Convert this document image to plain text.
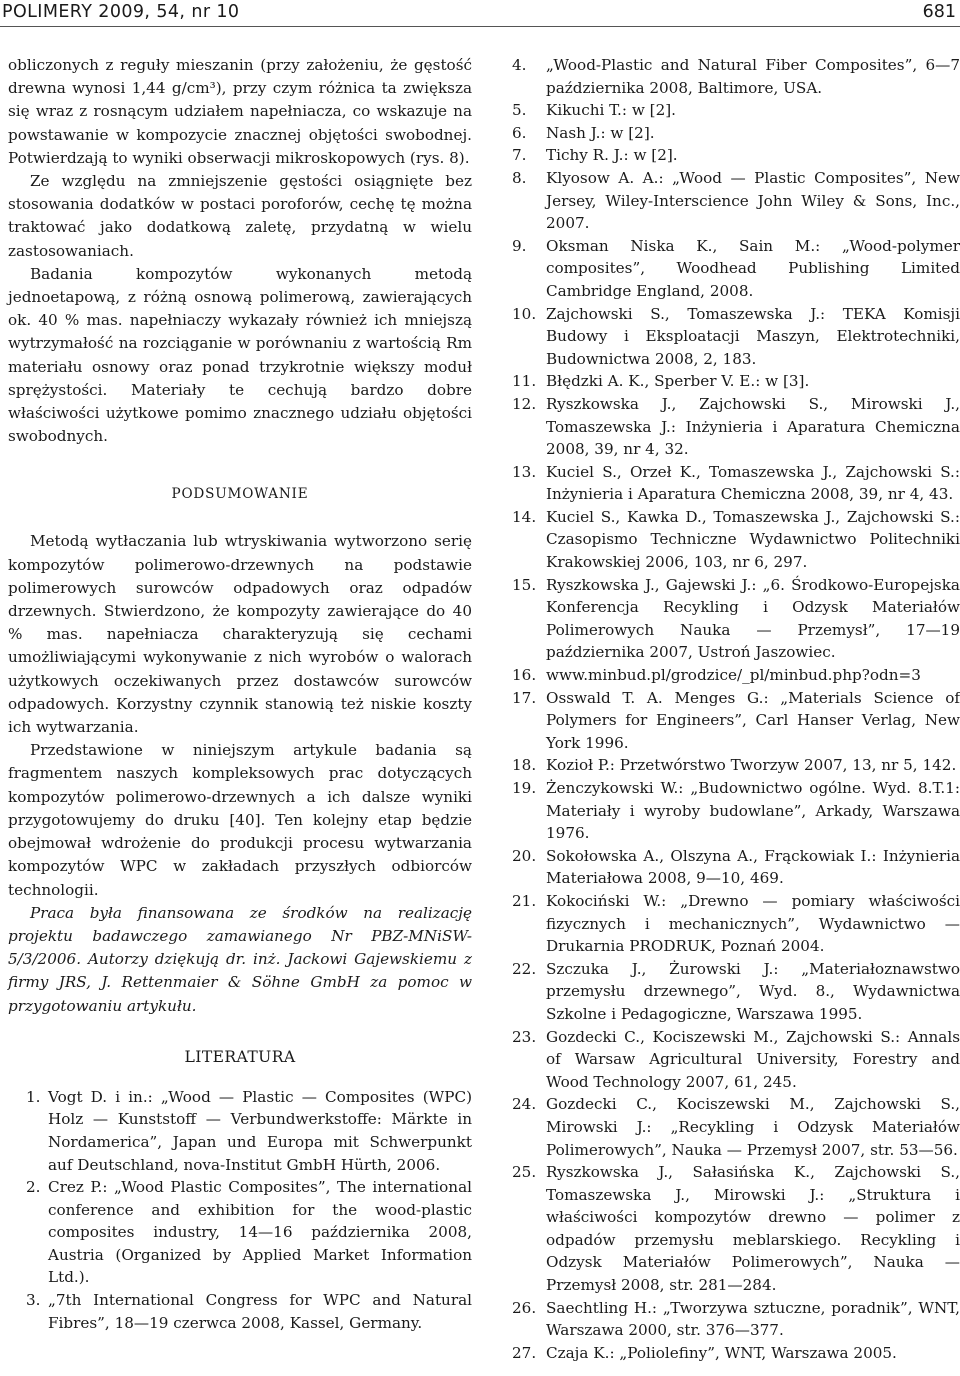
POLIMERY 2009, 54, nr 10	681

obliczonych z reguły mieszanin (przy założeniu, że gęstość drewna wynosi 1,44 g/cm³), przy czym różnica ta zwiększa się wraz z rosnącym udziałem napełniacza, co wskazuje na powstawanie w kompozycie znacznej objętości swobodnej. Potwierdzają to wyniki obserwacji mikroskopowych (rys. 8).

Ze względu na zmniejszenie gęstości osiągnięte bez stosowania dodatków w postaci poroforów, cechę tę można traktować jako dodatkową zaletę, przydatną w wielu zastosowaniach.

Badania kompozytów wykonanych metodą jednoetapową, z różną osnową polimerową, zawierających ok. 40 % mas. napełniaczy wykazały również ich mniejszą wytrzymałość na rozciąganie w porównaniu z wartością Rm materiału osnowy oraz ponad trzykrotnie większy moduł sprężystości. Materiały te cechują bardzo dobre właściwości użytkowe pomimo znacznego udziału objętości swobodnych.

PODSUMOWANIE

Metodą wytłaczania lub wtryskiwania wytworzono serię kompozytów polimerowo-drzewnych na podstawie polimerowych surowców odpadowych oraz odpadów drzewnych. Stwierdzono, że kompozyty zawierające do 40 % mas. napełniacza charakteryzują się cechami umożliwiającymi wykonywanie z nich wyrobów o walorach użytkowych oczekiwanych przez dostawców surowców odpadowych. Korzystny czynnik stanowią też niskie koszty ich wytwarzania.

Przedstawione w niniejszym artykule badania są fragmentem naszych kompleksowych prac dotyczących kompozytów polimerowo-drzewnych a ich dalsze wyniki przygotowujemy do druku [40]. Ten kolejny etap będzie obejmował wdrożenie do produkcji procesu wytwarzania kompozytów WPC w zakładach przyszłych odbiorców technologii.

Praca była finansowana ze środków na realizację projektu badawczego zamawianego Nr PBZ-MNiSW-5/3/2006. Autorzy dziękują dr. inż. Jackowi Gajewskiemu z firmy JRS, J. Rettenmaier & Söhne GmbH za pomoc w przygotowaniu artykułu.

LITERATURA
1. Vogt D. i in.: „Wood — Plastic — Composites (WPC) Holz — Kunststoff — Verbundwerkstoffe: Märkte in Nordamerica”, Japan und Europa mit Schwerpunkt auf Deutschland, nova-Institut GmbH Hürth, 2006.
2. Crez P.: „Wood Plastic Composites”, The international conference and exhibition for the wood-plastic composites industry, 14—16 października 2008, Austria (Organized by Applied Market Information Ltd.).
3. „7th International Congress for WPC and Natural Fibres”, 18—19 czerwca 2008, Kassel, Germany.
4. „Wood-Plastic and Natural Fiber Composites”, 6—7 października 2008, Baltimore, USA.
5. Kikuchi T.: w [2].
6. Nash J.: w [2].
7. Tichy R. J.: w [2].
8. Klyosow A. A.: „Wood — Plastic Composites”, New Jersey, Wiley-Interscience John Wiley & Sons, Inc., 2007.
9. Oksman Niska K., Sain M.: „Wood-polymer composites”, Woodhead Publishing Limited Cambridge England, 2008.
10. Zajchowski S., Tomaszewska J.: TEKA Komisji Budowy i Eksploatacji Maszyn, Elektrotechniki, Budownictwa 2008, 2, 183.
11. Błędzki A. K., Sperber V. E.: w [3].
12. Ryszkowska J., Zajchowski S., Mirowski J., Tomaszewska J.: Inżynieria i Aparatura Chemiczna 2008, 39, nr 4, 32.
13. Kuciel S., Orzeł K., Tomaszewska J., Zajchowski S.: Inżynieria i Aparatura Chemiczna 2008, 39, nr 4, 43.
14. Kuciel S., Kawka D., Tomaszewska J., Zajchowski S.: Czasopismo Techniczne Wydawnictwo Politechniki Krakowskiej 2006, 103, nr 6, 297.
15. Ryszkowska J., Gajewski J.: „6. Środkowo-Europejska Konferencja Recykling i Odzysk Materiałów Polimerowych Nauka — Przemysł”, 17—19 października 2007, Ustroń Jaszowiec.
16. www.minbud.pl/grodzice/_pl/minbud.php?odn=3
17. Osswald T. A. Menges G.: „Materials Science of Polymers for Engineers”, Carl Hanser Verlag, New York 1996.
18. Kozioł P.: Przetwórstwo Tworzyw 2007, 13, nr 5, 142.
19. Żenczykowski W.: „Budownictwo ogólne. Wyd. 8.T.1: Materiały i wyroby budowlane”, Arkady, Warszawa 1976.
20. Sokołowska A., Olszyna A., Frąckowiak I.: Inżynieria Materiałowa 2008, 9—10, 469.
21. Kokociński W.: „Drewno — pomiary właściwości fizycznych i mechanicznych”, Wydawnictwo — Drukarnia PRODRUK, Poznań 2004.
22. Szczuka J., Żurowski J.: „Materiałoznawstwo przemysłu drzewnego”, Wyd. 8., Wydawnictwa Szkolne i Pedagogiczne, Warszawa 1995.
23. Gozdecki C., Kociszewski M., Zajchowski S.: Annals of Warsaw Agricultural University, Forestry and Wood Technology 2007, 61, 245.
24. Gozdecki C., Kociszewski M., Zajchowski S., Mirowski J.: „Recykling i Odzysk Materiałów Polimerowych”, Nauka — Przemysł 2007, str. 53—56.
25. Ryszkowska J., Sałasińska K., Zajchowski S., Tomaszewska J., Mirowski J.: „Struktura i właściwości kompozytów drewno — polimer z odpadów przemysłu meblarskiego. Recykling i Odzysk Materiałów Polimerowych”, Nauka — Przemysł 2008, str. 281—284.
26. Saechtling H.: „Tworzywa sztuczne, poradnik”, WNT, Warszawa 2000, str. 376—377.
27. Czaja K.: „Poliolefiny”, WNT, Warszawa 2005.
